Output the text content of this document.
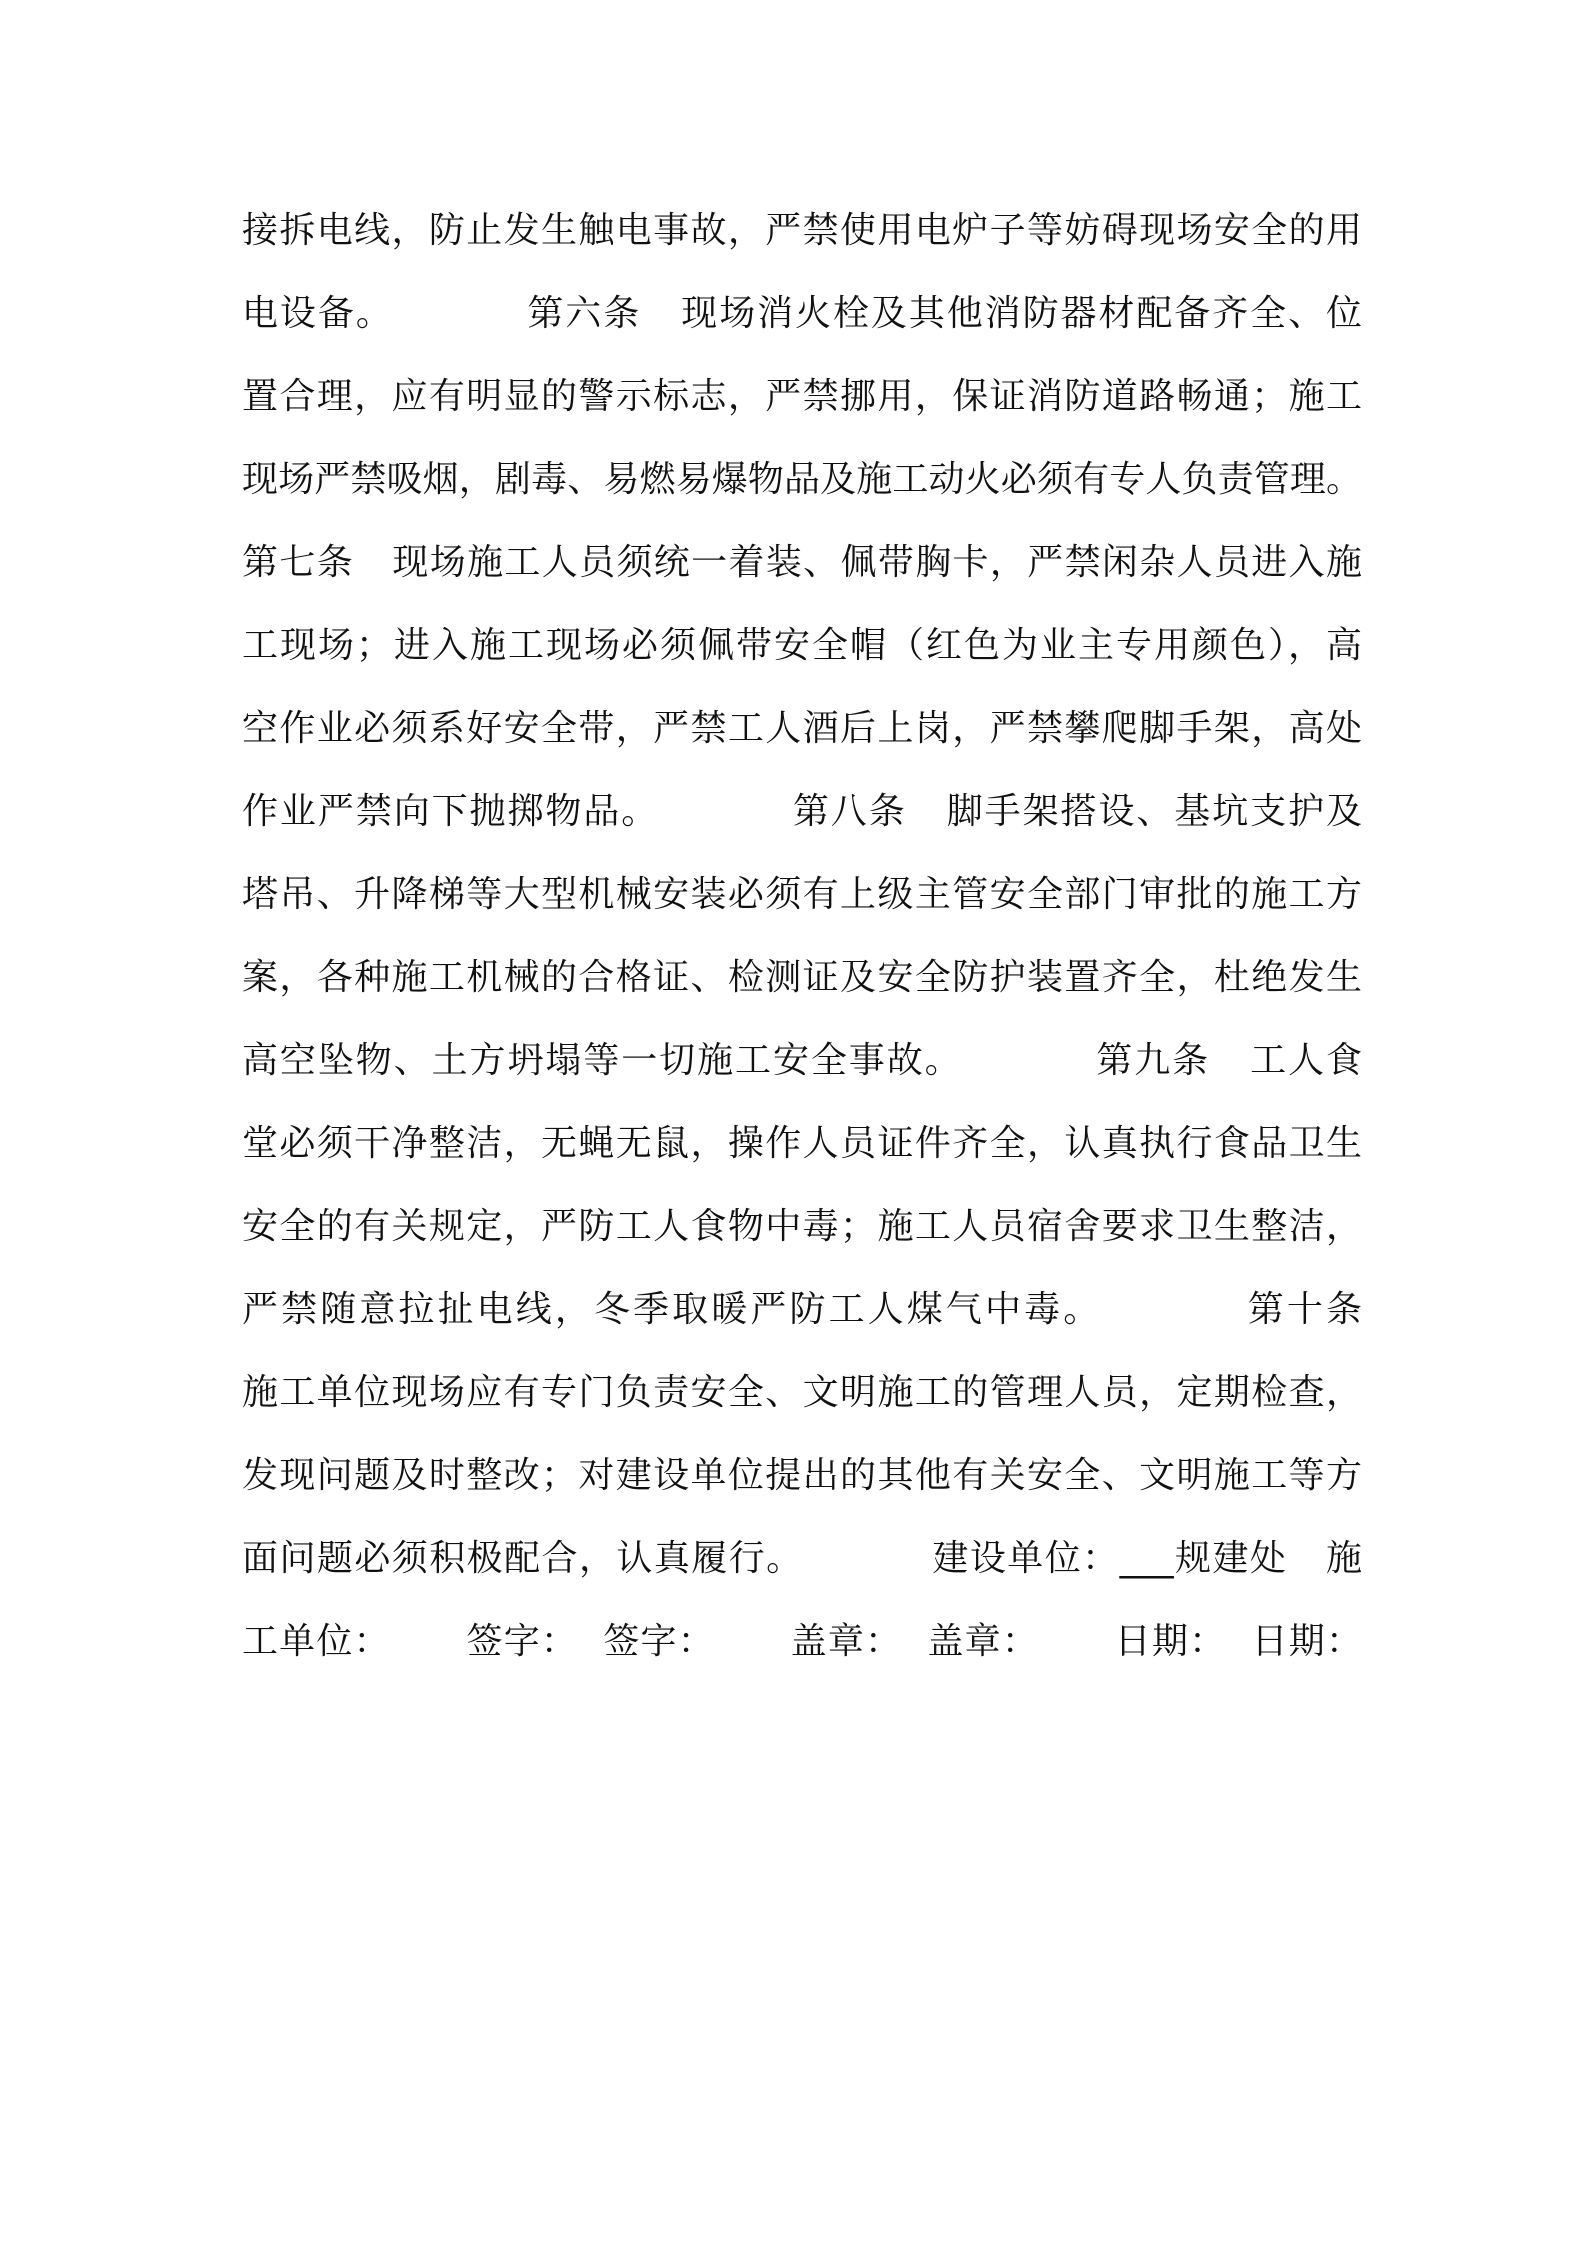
接拆电线，防止发生触电事故，严禁使用电炉子等妨碍现场安全的用
电设备。          第六条   现场消火栓及其他消防器材配备齐全、位
置合理，应有明显的警示标志，严禁挪用，保证消防道路畅通；施工
现场严禁吸烟，剧毒、易燃易爆物品及施工动火必须有专人负责管理。
第七条   现场施工人员须统一着装、佩带胸卡，严禁闲杂人员进入施
工现场；进入施工现场必须佩带安全帽（红色为业主专用颜色），高
空作业必须系好安全带，严禁工人酒后上岗，严禁攀爬脚手架，高处
作业严禁向下抛掷物品。          第八条   脚手架搭设、基坑支护及
塔吊、升降梯等大型机械安装必须有上级主管安全部门审批的施工方
案，各种施工机械的合格证、检测证及安全防护装置齐全，杜绝发生
高空坠物、土方坍塌等一切施工安全事故。          第九条   工人食
堂必须干净整洁，无蝇无鼠，操作人员证件齐全，认真执行食品卫生
安全的有关规定，严防工人食物中毒；施工人员宿舍要求卫生整洁，
严禁随意拉扯电线，冬季取暖严防工人煤气中毒。          第十条
施工单位现场应有专门负责安全、文明施工的管理人员，定期检查，
发现问题及时整改；对建设单位提出的其他有关安全、文明施工等方
面问题必须积极配合，认真履行。          建设单位：___规建处   施
工单位：      签字：  签字：      盖章：  盖章：      日期：  日期：
